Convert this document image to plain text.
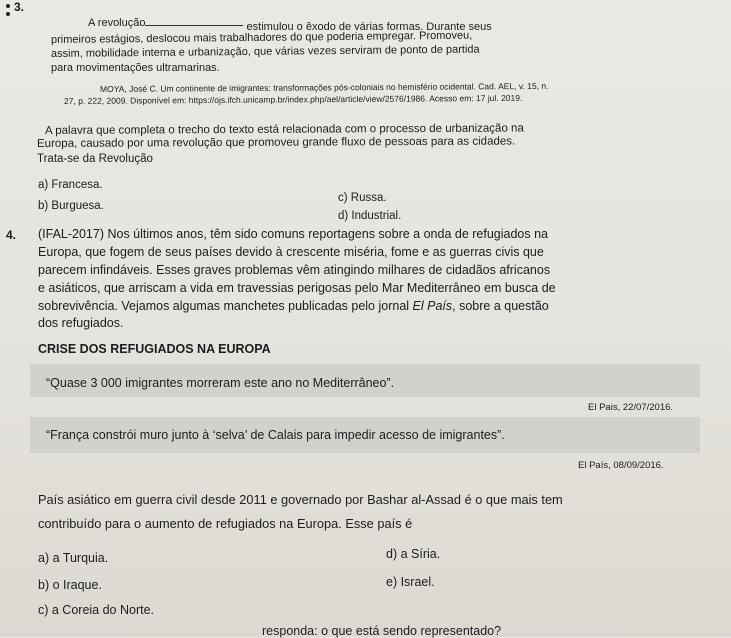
3.
A revolução	estimulou o êxodo de várias formas. Durante seus
primeiros estágios, deslocou mais trabalhadores do que poderia empregar. Promoveu,
assim, mobilidade interna e urbanização, que várias vezes serviram de ponto de partida
para movimentações ultramarinas.
MOYA, José C. Um continente de imigrantes: transformações pós-coloniais no hemisfério ocidental. Cad. AEL, v. 15, n.
27, p. 222, 2009. Disponível em: https://ojs.ifch.unicamp.br/index.php/ael/article/view/2576/1986. Acesso em: 17 jul. 2019.
A palavra que completa o trecho do texto está relacionada com o processo de urbanização na
Europa, causado por uma revolução que promoveu grande fluxo de pessoas para as cidades.
Trata-se da Revolução
a) Francesa.
c) Russa.
b) Burguesa.
d) Industrial.
4. (IFAL-2017) Nos últimos anos, têm sido comuns reportagens sobre a onda de refugiados na
Europa, que fogem de seus países devido à crescente miséria, fome e as guerras civis que
parecem infindáveis. Esses graves problemas vêm atingindo milhares de cidadãos africanos
e asiáticos, que arriscam a vida em travessias perigosas pelo Mar Mediterrâneo em busca de
sobrevivência. Vejamos algumas manchetes publicadas pelo jornal El País, sobre a questão
dos refugiados.
CRISE DOS REFUGIADOS NA EUROPA
“Quase 3 000 imigrantes morreram este ano no Mediterrâneo”.
El Pais, 22/07/2016.
“França constrói muro junto à ‘selva’ de Calais para impedir acesso de imigrantes”.
El País, 08/09/2016.
País asiático em guerra civil desde 2011 e governado por Bashar al-Assad é o que mais tem
contribuído para o aumento de refugiados na Europa. Esse país é
a) a Turquia.	d) a Síria.
b) o Iraque.	e) Israel.
c) a Coreia do Norte.
responda: o que está sendo representado?
